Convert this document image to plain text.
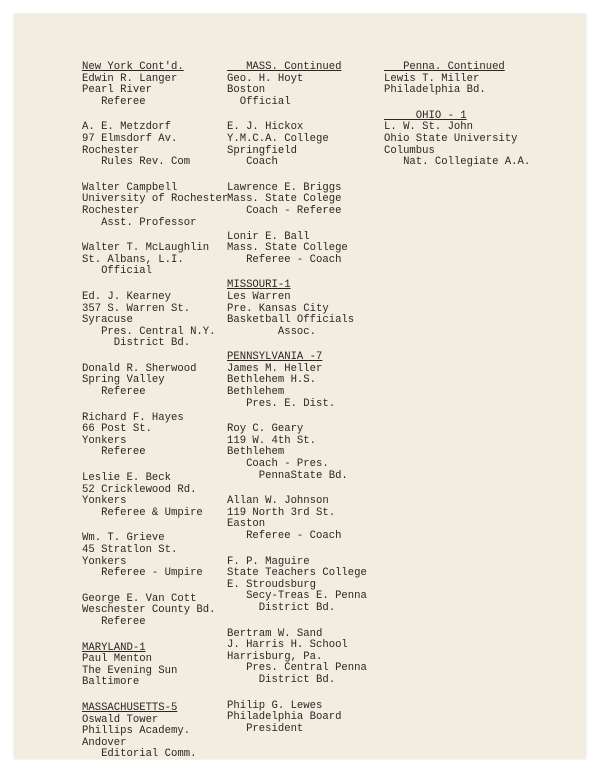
New York Cont'd.
Edwin R. Langer
Pearl River
Referee
A. E. Metzdorf
97 Elmsdorf Av.
Rochester
Rules Rev. Com
Walter Campbell
University of Rochester
Rochester
Asst. Professor
Walter T. McLaughlin
St. Albans, L.I.
Official
Ed. J. Kearney
357 S. Warren St.
Syracuse
Pres. Central N.Y.
District Bd.
Donald R. Sherwood
Spring Valley
Referee
Richard F. Hayes
66 Post St.
Yonkers
Referee
Leslie E. Beck
52 Cricklewood Rd.
Yonkers
Referee & Umpire
Wm. T. Grieve
45 Stratlon St.
Yonkers
Referee - Umpire
George E. Van Cott
Weschester County Bd.
Referee
MARYLAND-1
Paul Menton
The Evening Sun
Baltimore
MASSACHUSETTS-5
Oswald Tower
Phillips Academy.
Andover
Editorial Comm.
MASS. Continued
Geo. H. Hoyt
Boston
Official
E. J. Hickox
Y.M.C.A. College
Springfield
Coach
Lawrence E. Briggs
Mass. State Colege
Coach - Referee
Lonir E. Ball
Mass. State College
Referee - Coach
MISSOURI-1
Les Warren
Pre. Kansas City
Basketball Officials
Assoc.
PENNSYLVANIA -7
James M. Heller
Bethlehem H.S.
Bethlehem
Pres. E. Dist.
Roy C. Geary
119 W. 4th St.
Bethlehem
Coach - Pres.
PennaState Bd.
Allan W. Johnson
119 North 3rd St.
Easton
Referee - Coach
F. P. Maguire
State Teachers College
E. Stroudsburg
Secy-Treas E. Penna
District Bd.
Bertram W. Sand
J. Harris H. School
Harrisburg, Pa.
Pres. Central Penna
District Bd.
Philip G. Lewes
Philadelphia Board
President
Penna. Continued
Lewis T. Miller
Philadelphia Bd.
OHIO - 1
L. W. St. John
Ohio State University
Columbus
Nat. Collegiate A.A.
